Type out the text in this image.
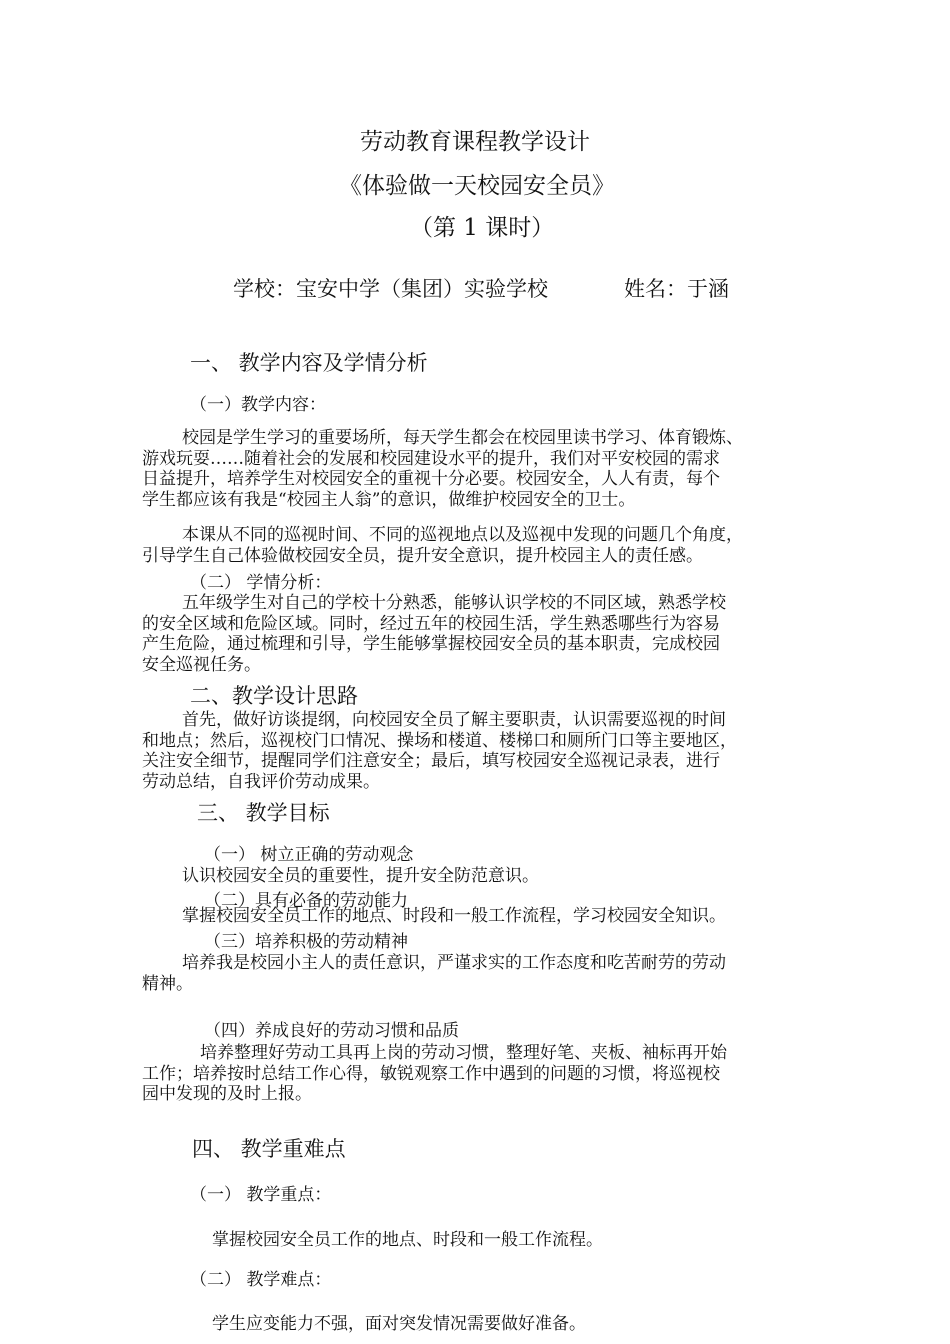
劳动教育课程教学设计
《体验做一天校园安全员》
（第 1 课时）
学校：宝安中学（集团）实验学校	姓名：于涵
一、 教学内容及学情分析
（一）教学内容：
校园是学生学习的重要场所，每天学生都会在校园里读书学习、体育锻炼、
游戏玩耍……随着社会的发展和校园建设水平的提升，我们对平安校园的需求
日益提升，培养学生对校园安全的重视十分必要。校园安全，人人有责，每个
学生都应该有我是“校园主人翁”的意识，做维护校园安全的卫士。
本课从不同的巡视时间、不同的巡视地点以及巡视中发现的问题几个角度，
引导学生自己体验做校园安全员，提升安全意识，提升校园主人的责任感。
（二） 学情分析：
五年级学生对自己的学校十分熟悉，能够认识学校的不同区域，熟悉学校
的安全区域和危险区域。同时，经过五年的校园生活，学生熟悉哪些行为容易
产生危险，通过梳理和引导，学生能够掌握校园安全员的基本职责，完成校园
安全巡视任务。
二、教学设计思路
首先，做好访谈提纲，向校园安全员了解主要职责，认识需要巡视的时间
和地点；然后，巡视校门口情况、操场和楼道、楼梯口和厕所门口等主要地区，
关注安全细节，提醒同学们注意安全；最后，填写校园安全巡视记录表，进行
劳动总结，自我评价劳动成果。
三、 教学目标
（一） 树立正确的劳动观念
认识校园安全员的重要性，提升安全防范意识。
（二）具有必备的劳动能力
掌握校园安全员工作的地点、时段和一般工作流程，学习校园安全知识。
（三）培养积极的劳动精神
培养我是校园小主人的责任意识，严谨求实的工作态度和吃苦耐劳的劳动
精神。
（四）养成良好的劳动习惯和品质
培养整理好劳动工具再上岗的劳动习惯，整理好笔、夹板、袖标再开始
工作；培养按时总结工作心得，敏锐观察工作中遇到的问题的习惯，将巡视校
园中发现的及时上报。
四、 教学重难点
（一） 教学重点：
掌握校园安全员工作的地点、时段和一般工作流程。
（二） 教学难点：
学生应变能力不强，面对突发情况需要做好准备。
